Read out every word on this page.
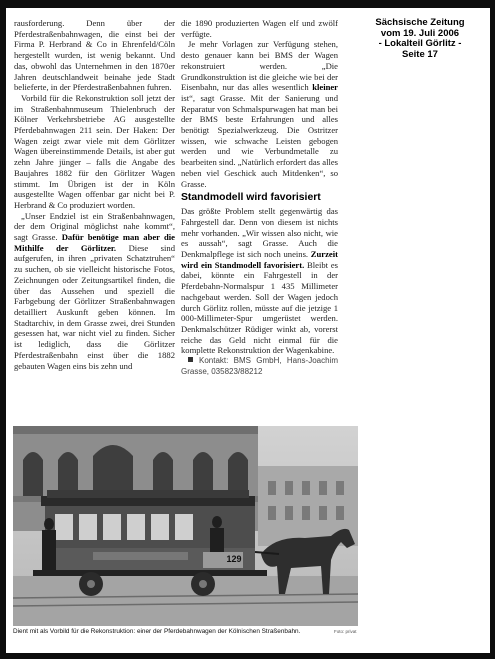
Sächsische Zeitung
vom 19. Juli 2006
- Lokalteil Görlitz -
Seite 17

rausforderung. Denn über der Pferdestraßenbahnwagen, die einst bei der Firma P. Herbrand & Co in Ehrenfeld/Cöln hergestellt wurden, ist wenig bekannt. Und das, obwohl das Unternehmen in den 1870er Jahren deutschlandweit beinahe jede Stadt belieferte, in der Pferdestraßenbahnen fuhren.

Vorbild für die Rekonstruktion soll jetzt der im Straßenbahnmuseum Thielenbruch der Kölner Verkehrsbetriebe AG ausgestellte Pferdebahnwagen 211 sein. Der Haken: Der Wagen zeigt zwar viele mit dem Görlitzer Wagen übereinstimmende Details, ist aber gut zehn Jahre jünger – falls die Angabe des Baujahres 1882 für den Görlitzer Wagen stimmt. Im Übrigen ist der in Köln ausgestellte Wagen offenbar gar nicht bei P. Herbrand & Co produziert worden.

„Unser Endziel ist ein Straßenbahnwagen, der dem Original möglichst nahe kommt“, sagt Grasse. Dafür benötige man aber die Mithilfe der Görlitzer. Diese sind aufgerufen, in ihren „privaten Schatztruhen“ zu suchen, ob sie vielleicht historische Fotos, Zeichnungen oder Zeitungsartikel finden, die über das Aussehen und speziell die Farbgebung der Görlitzer Straßenbahnwagen detailliert Auskunft geben können. Im Stadtarchiv, in dem Grasse zwei, drei Stunden gesessen hat, war nicht viel zu finden. Sicher ist lediglich, dass die Görlitzer Pferdestraßenbahn einst über die 1882 gebauten Wagen eins bis zehn und

die 1890 produzierten Wagen elf und zwölf verfügte.

Je mehr Vorlagen zur Verfügung stehen, desto genauer kann bei BMS der Wagen rekonstruiert werden. „Die Grundkonstruktion ist die gleiche wie bei der Eisenbahn, nur das alles wesentlich kleiner ist“, sagt Grasse. Mit der Sanierung und Reparatur von Schmalspurwagen hat man bei der BMS beste Erfahrungen und alles benötigt Spezialwerkzeug. Die Ostritzer wissen, wie schwache Leisten gebogen werden und wie Verbundmetalle zu bearbeiten sind. „Natürlich erfordert das alles neben viel Geschick auch Mitdenken“, so Grasse.

Standmodell wird favorisiert

Das größte Problem stellt gegenwärtig das Fahrgestell dar. Denn von diesem ist nichts mehr vorhanden. „Wir wissen also nicht, wie es aussah“, sagt Grasse. Auch die Denkmalpflege ist sich noch uneins. Zurzeit wird ein Standmodell favorisiert. Bleibt es dabei, könnte ein Fahrgestell in der Pferdebahn-Normalspur 1 435 Millimeter nachgebaut werden. Soll der Wagen jedoch durch Görlitz rollen, müsste auf die jetzige 1 000-Millimeter-Spur umgerüstet werden. Denkmalschützer Rüdiger winkt ab, vorerst reiche das Geld nicht einmal für die komplette Rekonstruktion der Wagenkabine.

Kontakt: BMS GmbH, Hans-Joachim Grasse, 035823/88212

129
Dient mit als Vorbild für die Rekonstruktion: einer der Pferdebahnwagen der Kölnischen Straßenbahn.	Foto: privat
